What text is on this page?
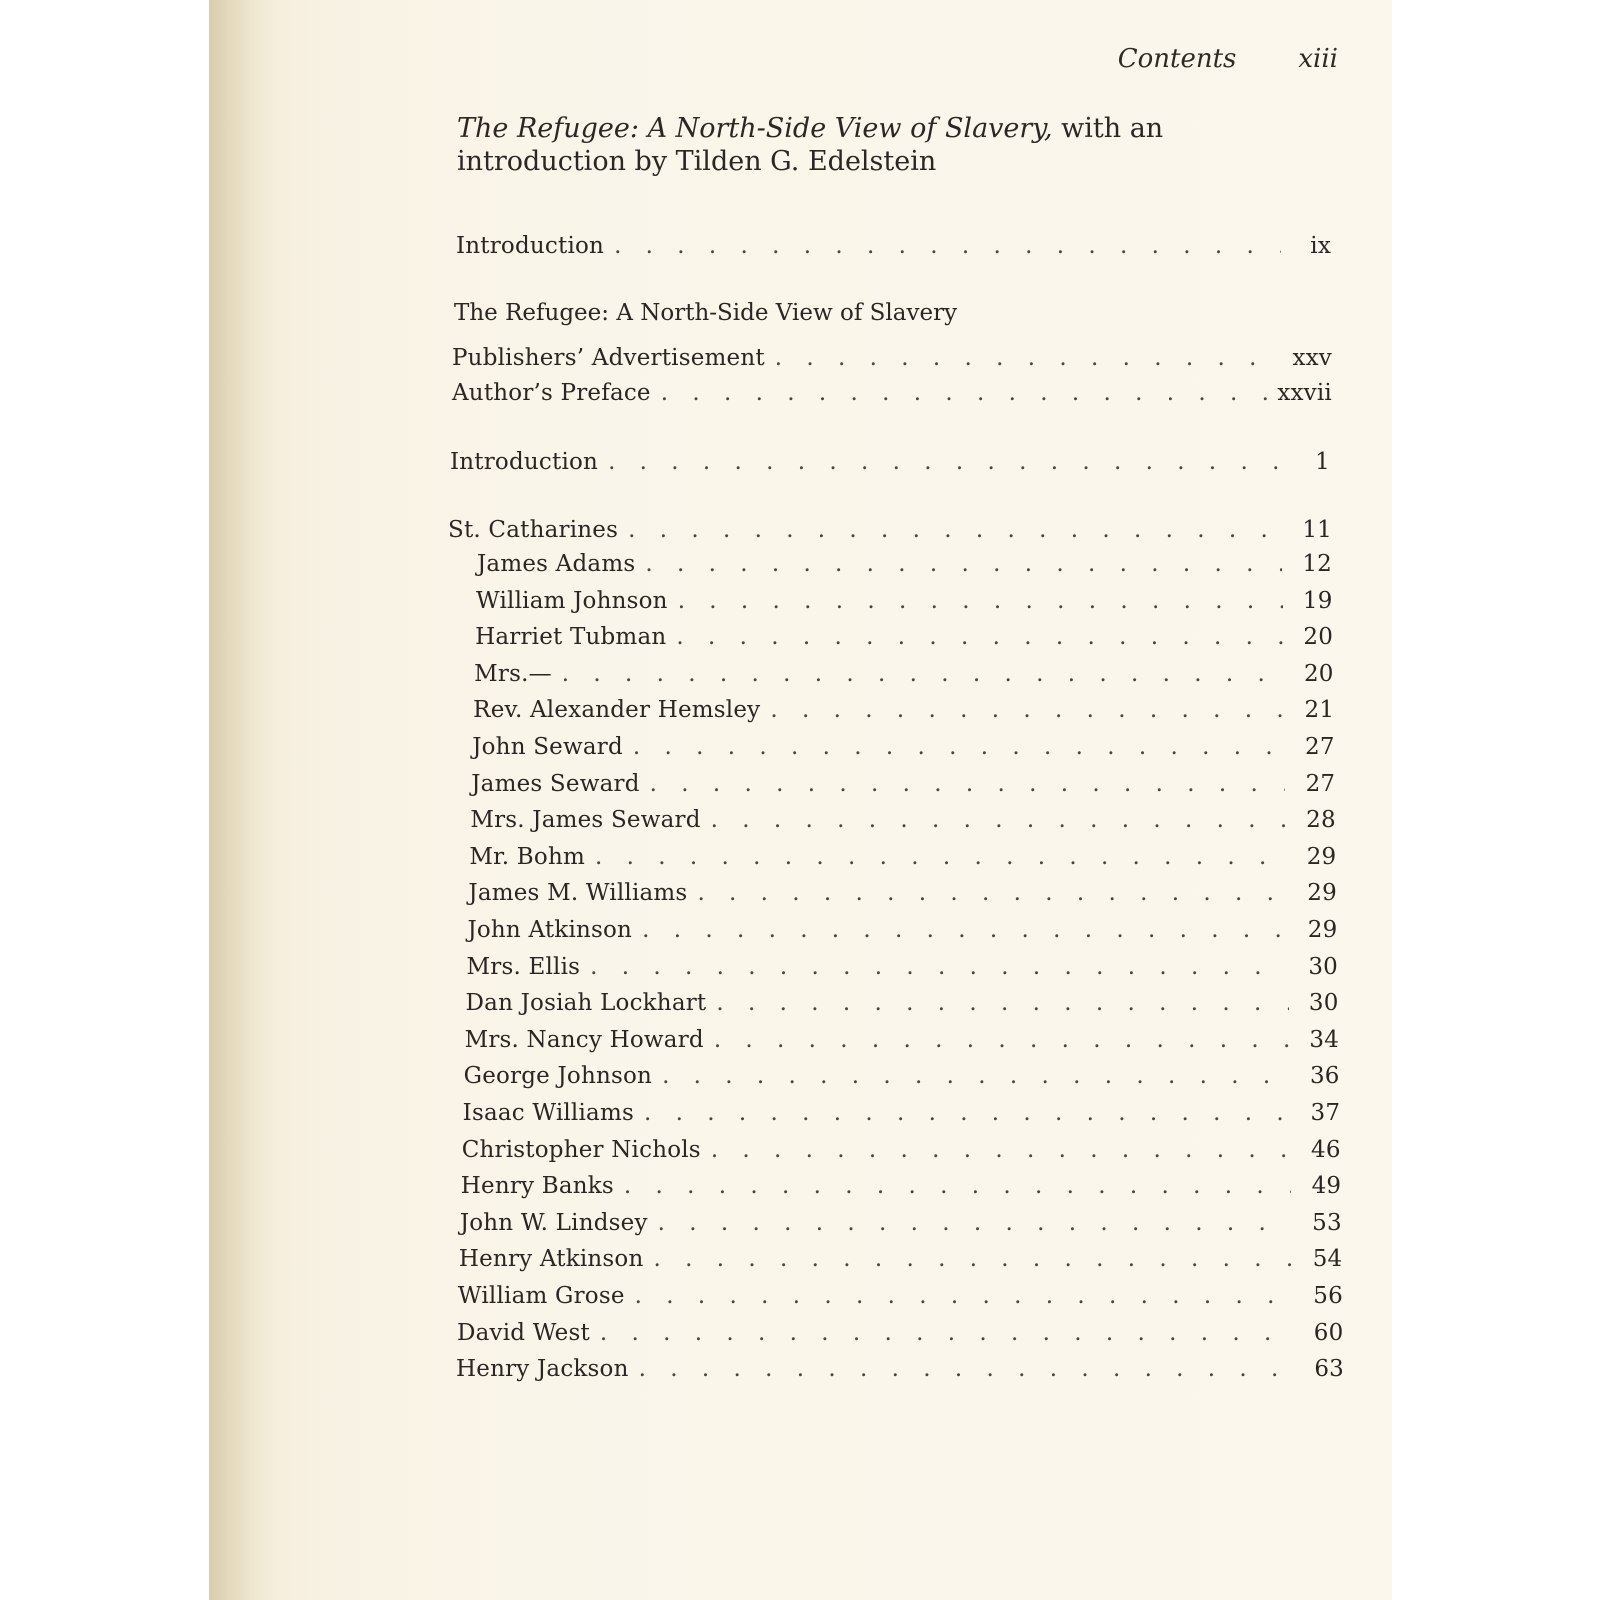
Contents xiii
The Refugee: A North-Side View of Slavery, with an introduction by Tilden G. Edelstein
Introduction . . .	ix
The Refugee: A North-Side View of Slavery
Publishers’ Advertisement . . .	xxv
Author’s Preface . . .	xxvii
Introduction . . .	1
St. Catharines . . .	11
James Adams . . .	12
William Johnson . . .	19
Harriet Tubman . . .	20
Mrs.— . . .	20
Rev. Alexander Hemsley . . .	21
John Seward . . .	27
James Seward . . .	27
Mrs. James Seward . . .	28
Mr. Bohm . . .	29
James M. Williams . . .	29
John Atkinson . . .	29
Mrs. Ellis . . .	30
Dan Josiah Lockhart . . .	30
Mrs. Nancy Howard . . .	34
George Johnson . . .	36
Isaac Williams . . .	37
Christopher Nichols . . .	46
Henry Banks . . .	49
John W. Lindsey . . .	53
Henry Atkinson . . .	54
William Grose . . .	56
David West . . .	60
Henry Jackson . . .	63
